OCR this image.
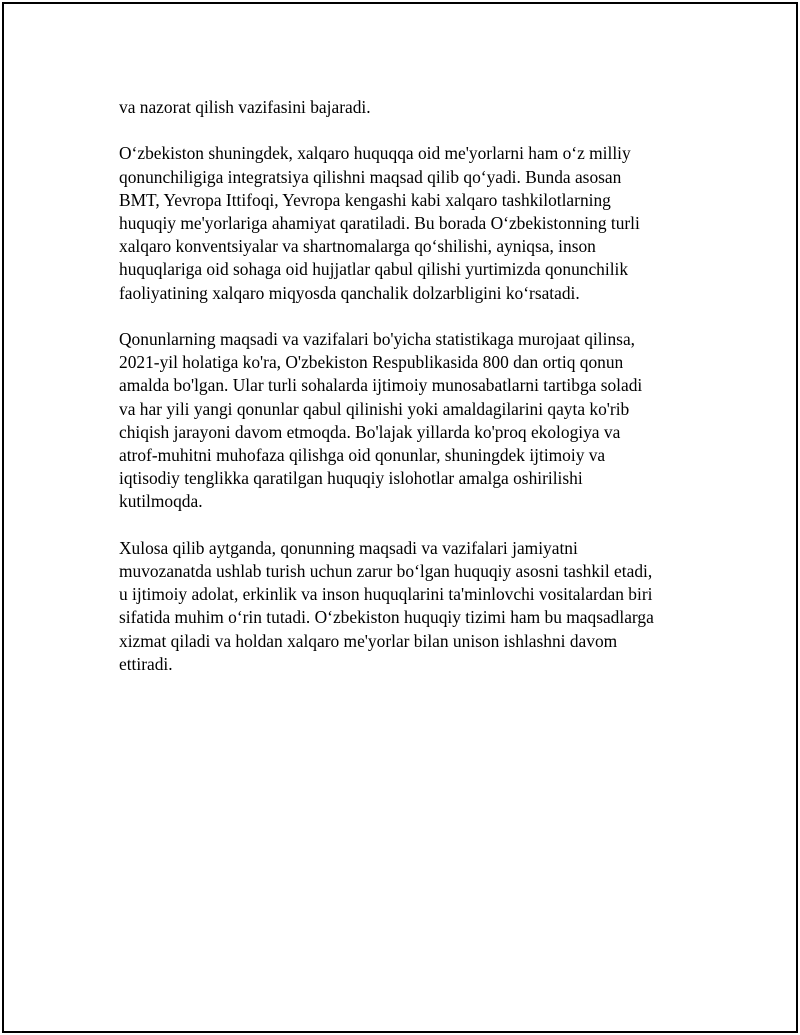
va nazorat qilish vazifasini bajaradi.

O‘zbekiston shuningdek, xalqaro huquqqa oid me'yorlarni ham o‘z milliy
qonunchiligiga integratsiya qilishni maqsad qilib qo‘yadi. Bunda asosan
BMT, Yevropa Ittifoqi, Yevropa kengashi kabi xalqaro tashkilotlarning
huquqiy me'yorlariga ahamiyat qaratiladi. Bu borada O‘zbekistonning turli
xalqaro konventsiyalar va shartnomalarga qo‘shilishi, ayniqsa, inson
huquqlariga oid sohaga oid hujjatlar qabul qilishi yurtimizda qonunchilik
faoliyatining xalqaro miqyosda qanchalik dolzarbligini ko‘rsatadi.

Qonunlarning maqsadi va vazifalari bo'yicha statistikaga murojaat qilinsa,
2021-yil holatiga ko'ra, O'zbekiston Respublikasida 800 dan ortiq qonun
amalda bo'lgan. Ular turli sohalarda ijtimoiy munosabatlarni tartibga soladi
va har yili yangi qonunlar qabul qilinishi yoki amaldagilarini qayta ko'rib
chiqish jarayoni davom etmoqda. Bo'lajak yillarda ko'proq ekologiya va
atrof-muhitni muhofaza qilishga oid qonunlar, shuningdek ijtimoiy va
iqtisodiy tenglikka qaratilgan huquqiy islohotlar amalga oshirilishi
kutilmoqda.

Xulosa qilib aytganda, qonunning maqsadi va vazifalari jamiyatni
muvozanatda ushlab turish uchun zarur bo‘lgan huquqiy asosni tashkil etadi,
u ijtimoiy adolat, erkinlik va inson huquqlarini ta'minlovchi vositalardan biri
sifatida muhim o‘rin tutadi. O‘zbekiston huquqiy tizimi ham bu maqsadlarga
xizmat qiladi va holdan xalqaro me'yorlar bilan unison ishlashni davom
ettiradi.
